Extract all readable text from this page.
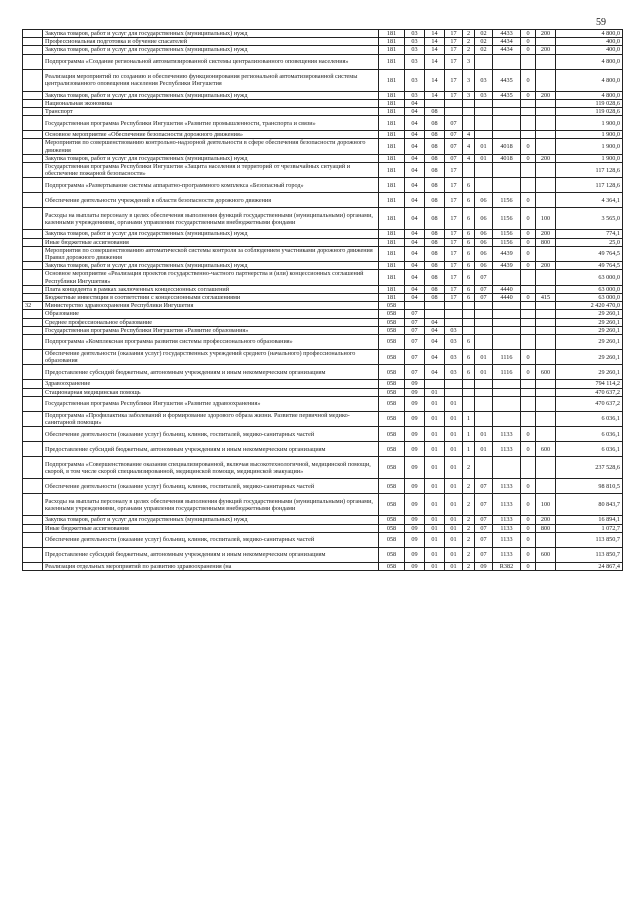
59
	Закупка товаров, работ и услуг для государственных (муниципальных) нужд	181	03	14	17	2	02	4433	0	200	4 800,0
	Профессиональная подготовка и обучение спасателей	181	03	14	17	2	02	4434	0		400,0
	Закупка товаров, работ и услуг для государственных (муниципальных) нужд	181	03	14	17	2	02	4434	0	200	400,0
	Подпрограмма «Создание региональной автоматизированной системы централизованного оповещения населения»	181	03	14	17	3					4 800,0
	Реализация мероприятий по созданию и обеспечению функционирования региональной автоматизированной системы централизованного оповещения населения Республики Ингушетия	181	03	14	17	3	03	4435	0		4 800,0
	Закупка товаров, работ и услуг для государственных (муниципальных) нужд	181	03	14	17	3	03	4435	0	200	4 800,0
	Национальная экономика	181	04								119 028,6
	Транспорт	181	04	08							119 028,6
	Государственная программа Республики Ингушетия «Развитие промышленности, транспорта и связи»	181	04	08	07						1 900,0
	Основное мероприятие «Обеспечение безопасности дорожного движения»	181	04	08	07	4					1 900,0
	Мероприятия по совершенствованию контрольно-надзорной деятельности в сфере обеспечения безопасности дорожного движения	181	04	08	07	4	01	4018	0		1 900,0
	Закупка товаров, работ и услуг для государственных (муниципальных) нужд	181	04	08	07	4	01	4018	0	200	1 900,0
	Государственная программа Республики Ингушетия «Защита населения и территорий от чрезвычайных ситуаций и обеспечение пожарной безопасности»	181	04	08	17						117 128,6
	Подпрограмма «Развертывание системы аппаратно-программного комплекса «Безопасный город»	181	04	08	17	6					117 128,6
	Обеспечение деятельности учреждений в области безопасности дорожного движения	181	04	08	17	6	06	1156	0		4 364,1
	Расходы на выплаты персоналу в целях обеспечения выполнения функций государственными (муниципальными) органами, казенными учреждениями, органами управления государственными внебюджетными фондами	181	04	08	17	6	06	1156	0	100	3 565,0
	Закупка товаров, работ и услуг для государственных (муниципальных) нужд	181	04	08	17	6	06	1156	0	200	774,1
	Иные бюджетные ассигнования	181	04	08	17	6	06	1156	0	800	25,0
	Мероприятия по совершенствованию автоматической системы контроля за соблюдением участниками дорожного движения Правил дорожного движения	181	04	08	17	6	06	4439	0		49 764,5
	Закупка товаров, работ и услуг для государственных (муниципальных) нужд	181	04	08	17	6	06	4439	0	200	49 764,5
	Основное мероприятие «Реализация проектов государственно-частного партнерства и (или) концессионных соглашений Республики Ингушетия»	181	04	08	17	6	07				63 000,0
	Плата концедента в рамках заключенных концессионных соглашений	181	04	08	17	6	07	4440			63 000,0
	Бюджетные инвестиции в соответствии с концессионными соглашениями	181	04	08	17	6	07	4440	0	415	63 000,0
32	Министерство здравоохранения Республики Ингушетия	058									2 420 470,0
	Образование	058	07								29 260,1
	Среднее профессиональное образование	058	07	04							29 260,1
	Государственная программа Республики Ингушетия «Развитие образования»	058	07	04	03						29 260,1
	Подпрограмма «Комплексная программа развития системы профессионального образования»	058	07	04	03	6					29 260,1
	Обеспечение деятельности (оказания услуг) государственных учреждений среднего (начального) профессионального образования	058	07	04	03	6	01	1116	0		29 260,1
	Предоставление субсидий бюджетным, автономным учреждениям и иным некоммерческим организациям	058	07	04	03	6	01	1116	0	600	29 260,1
	Здравоохранение	058	09								794 114,2
	Стационарная медицинская помощь	058	09	01							470 637,2
	Государственная программа Республики Ингушетия «Развитие здравоохранения»	058	09	01	01						470 637,2
	Подпрограмма «Профилактика заболеваний и формирование здорового образа жизни. Развитие первичной медико-санитарной помощи»	058	09	01	01	1					6 036,1
	Обеспечение деятельности (оказание услуг) больниц, клиник, госпиталей, медико-санитарных частей	058	09	01	01	1	01	1133	0		6 036,1
	Предоставление субсидий бюджетным, автономным учреждениям и иным некоммерческим организациям	058	09	01	01	1	01	1133	0	600	6 036,1
	Подпрограмма «Совершенствование оказания специализированной, включая высокотехнологичной, медицинской помощи, скорой, в том числе скорой специализированной, медицинской помощи, медицинской эвакуации»	058	09	01	01	2					237 528,6
	Обеспечение деятельности (оказание услуг) больниц, клиник, госпиталей, медико-санитарных частей	058	09	01	01	2	07	1133	0		98 810,5
	Расходы на выплаты персоналу в целях обеспечения выполнения функций государственными (муниципальными) органами, казенными учреждениями, органами управления государственными внебюджетными фондами	058	09	01	01	2	07	1133	0	100	80 843,7
	Закупка товаров, работ и услуг для государственных (муниципальных) нужд	058	09	01	01	2	07	1133	0	200	16 894,1
	Иные бюджетные ассигнования	058	09	01	01	2	07	1133	0	800	1 072,7
	Обеспечение деятельности (оказание услуг) больниц, клиник, госпиталей, медико-санитарных частей	058	09	01	01	2	07	1133	0		113 850,7
	Предоставление субсидий бюджетным, автономным учреждениям и иным некоммерческим организациям	058	09	01	01	2	07	1133	0	600	113 850,7
	Реализация отдельных мероприятий по развитию здравоохранения (на	058	09	01	01	2	09	R382	0		24 867,4
